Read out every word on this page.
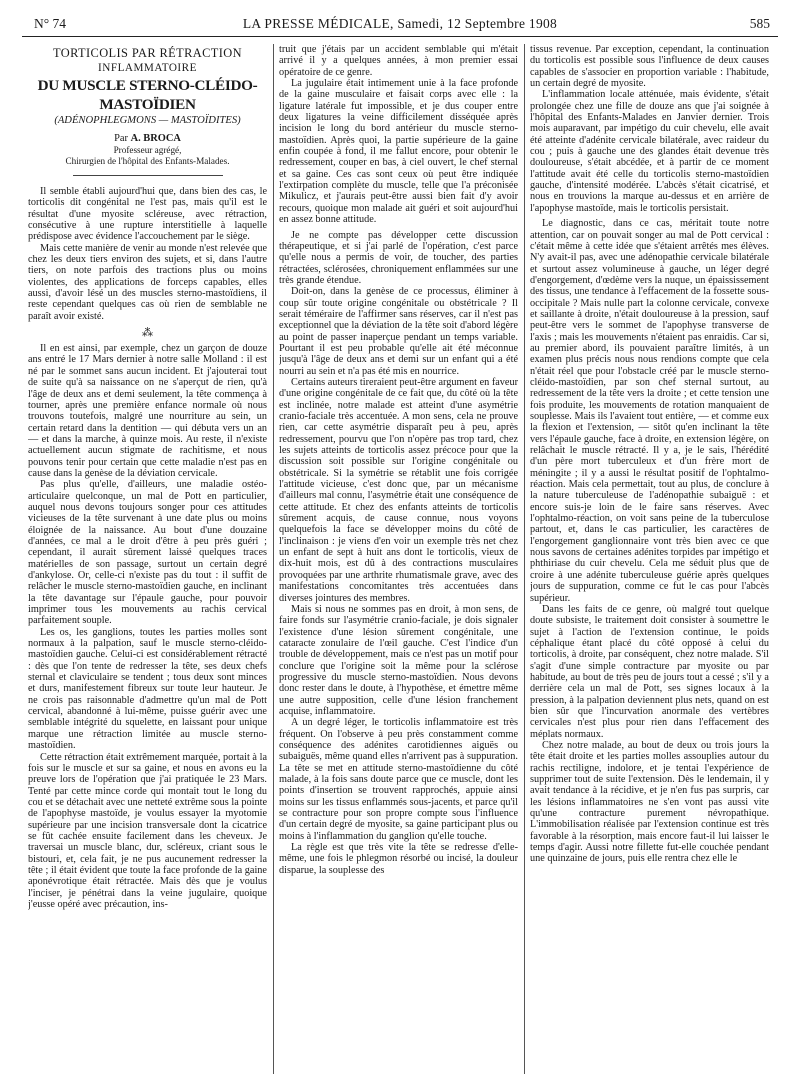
N° 74	LA PRESSE MÉDICALE, Samedi, 12 Septembre 1908	585
TORTICOLIS PAR RÉTRACTION
INFLAMMATOIRE
DU MUSCLE STERNO-CLÉIDO-MASTOÏDIEN
(ADÉNOPHLEGMONS — MASTOÏDITES)
Par A. BROCA
Professeur agrégé,
Chirurgien de l'hôpital des Enfants-Malades.

Il semble établi aujourd'hui que, dans bien des cas, le torticolis dit congénital ne l'est pas, mais qu'il est le résultat d'une myosite scléreuse, avec rétraction, consécutive à une rupture interstitielle à laquelle prédispose avec évidence l'accouchement par le siège.

Mais cette manière de venir au monde n'est relevée que chez les deux tiers environ des sujets, et si, dans l'autre tiers, on note parfois des tractions plus ou moins violentes, des applications de forceps capables, elles aussi, d'avoir lésé un des muscles sterno-mastoïdiens, il reste cependant quelques cas où rien de semblable ne paraît avoir existé.

⁂

Il en est ainsi, par exemple, chez un garçon de douze ans entré le 17 Mars dernier à notre salle Molland : il est né par le sommet sans aucun incident. Et j'ajouterai tout de suite qu'à sa naissance on ne s'aperçut de rien, qu'à l'âge de deux ans et demi seulement, la tête commença à tourner, après une première enfance normale où nous trouvons toutefois, malgré une nourriture au sein, un certain retard dans la dentition — qui débuta vers un an — et dans la marche, à quinze mois. Au reste, il n'existe actuellement aucun stigmate de rachitisme, et nous pouvons tenir pour certain que cette maladie n'est pas en cause dans la genèse de la déviation cervicale.

Pas plus qu'elle, d'ailleurs, une maladie ostéo-articulaire quelconque, un mal de Pott en particulier, auquel nous devons toujours songer pour ces attitudes vicieuses de la tête survenant à une date plus ou moins éloignée de la naissance. Au bout d'une douzaine d'années, ce mal a le droit d'être à peu près guéri ; cependant, il aurait sûrement laissé quelques traces matérielles de son passage, surtout un certain degré d'ankylose. Or, celle-ci n'existe pas du tout : il suffit de relâcher le muscle sterno-mastoïdien gauche, en inclinant la tête davantage sur l'épaule gauche, pour pouvoir imprimer tous les mouvements au rachis cervical parfaitement souple.

Les os, les ganglions, toutes les parties molles sont normaux à la palpation, sauf le muscle sterno-cléido-mastoïdien gauche. Celui-ci est considérablement rétracté : dès que l'on tente de redresser la tête, ses deux chefs sternal et claviculaire se tendent ; tous deux sont minces et durs, manifestement fibreux sur toute leur hauteur. Je ne crois pas raisonnable d'admettre qu'un mal de Pott cervical, abandonné à lui-même, puisse guérir avec une semblable intégrité du squelette, en laissant pour unique marque une rétraction limitée au muscle sterno-mastoïdien.

Cette rétraction était extrêmement marquée, portait à la fois sur le muscle et sur sa gaine, et nous en avons eu la preuve lors de l'opération que j'ai pratiquée le 23 Mars. Tenté par cette mince corde qui montait tout le long du cou et se détachait avec une netteté extrême sous la pointe de l'apophyse mastoïde, je voulus essayer la myotomie supérieure par une incision transversale dont la cicatrice se fût cachée ensuite facilement dans les cheveux. Je traversai un muscle blanc, dur, scléreux, criant sous le bistouri, et, cela fait, je ne pus aucunement redresser la tête ; il était évident que toute la face profonde de la gaine aponévrotique était rétractée. Mais dès que je voulus l'inciser, je pénétrai dans la veine jugulaire, quoique j'eusse opéré avec précaution, ins-

truit que j'étais par un accident semblable qui m'était arrivé il y a quelques années, à mon premier essai opératoire de ce genre.

La jugulaire était intimement unie à la face profonde de la gaine musculaire et faisait corps avec elle : la ligature latérale fut impossible, et je dus couper entre deux ligatures la veine difficilement disséquée après incision le long du bord antérieur du muscle sterno-mastoïdien. Après quoi, la partie supérieure de la gaine enfin coupée à fond, il me fallut encore, pour obtenir le redressement, couper en bas, à ciel ouvert, le chef sternal et sa gaine. Ces cas sont ceux où peut être indiquée l'extirpation complète du muscle, telle que l'a préconisée Mikulicz, et j'aurais peut-être aussi bien fait d'y avoir recours, quoique mon malade ait guéri et soit aujourd'hui en assez bonne attitude.

Je ne compte pas développer cette discussion thérapeutique, et si j'ai parlé de l'opération, c'est parce qu'elle nous a permis de voir, de toucher, des parties rétractées, sclérosées, chroniquement enflammées sur une très grande étendue.

Doit-on, dans la genèse de ce processus, éliminer à coup sûr toute origine congénitale ou obstétricale ? Il serait téméraire de l'affirmer sans réserves, car il n'est pas exceptionnel que la déviation de la tête soit d'abord légère au point de passer inaperçue pendant un temps variable. Pourtant il est peu probable qu'elle ait été méconnue jusqu'à l'âge de deux ans et demi sur un enfant qui a été nourri au sein et n'a pas été mis en nourrice.

Certains auteurs tireraient peut-être argument en faveur d'une origine congénitale de ce fait que, du côté où la tête est inclinée, notre malade est atteint d'une asymétrie cranio-faciale très accentuée. A mon sens, cela ne prouve rien, car cette asymétrie disparaît peu à peu, après redressement, pourvu que l'on n'opère pas trop tard, chez les sujets atteints de torticolis assez précoce pour que la discussion soit possible sur l'origine congénitale ou obstétricale. Si la symétrie se rétablit une fois corrigée l'attitude vicieuse, c'est donc que, par un mécanisme d'ailleurs mal connu, l'asymétrie était une conséquence de cette attitude. Et chez des enfants atteints de torticolis sûrement acquis, de cause connue, nous voyons quelquefois la face se développer moins du côté de l'inclinaison : je viens d'en voir un exemple très net chez un enfant de sept à huit ans dont le torticolis, vieux de dix-huit mois, est dû à des contractions musculaires provoquées par une arthrite rhumatismale grave, avec des manifestations concomitantes très accentuées dans diverses jointures des membres.

Mais si nous ne sommes pas en droit, à mon sens, de faire fonds sur l'asymétrie cranio-faciale, je dois signaler l'existence d'une lésion sûrement congénitale, une cataracte zonulaire de l'œil gauche. C'est l'indice d'un trouble de développement, mais ce n'est pas un motif pour conclure que l'origine soit la même pour la sclérose progressive du muscle sterno-mastoïdien. Nous devons donc rester dans le doute, à l'hypothèse, et émettre même une autre supposition, celle d'une lésion franchement acquise, inflammatoire.

A un degré léger, le torticolis inflammatoire est très fréquent. On l'observe à peu près constamment comme conséquence des adénites carotidiennes aiguës ou subaiguës, même quand elles n'arrivent pas à suppuration. La tête se met en attitude sterno-mastoïdienne du côté malade, à la fois sans doute parce que ce muscle, dont les points d'insertion se trouvent rapprochés, appuie ainsi moins sur les tissus enflammés sous-jacents, et parce qu'il se contracture pour son propre compte sous l'influence d'un certain degré de myosite, sa gaine participant plus ou moins à l'inflammation du ganglion qu'elle touche.

La règle est que très vite la tête se redresse d'elle-même, une fois le phlegmon résorbé ou incisé, la douleur disparue, la souplesse des

tissus revenue. Par exception, cependant, la continuation du torticolis est possible sous l'influence de deux causes capables de s'associer en proportion variable : l'habitude, un certain degré de myosite.

L'inflammation locale atténuée, mais évidente, s'était prolongée chez une fille de douze ans que j'ai soignée à l'hôpital des Enfants-Malades en Janvier dernier. Trois mois auparavant, par impétigo du cuir chevelu, elle avait été atteinte d'adénite cervicale bilatérale, avec raideur du cou ; puis à gauche une des glandes était devenue très douloureuse, s'était abcédée, et à partir de ce moment l'attitude avait été celle du torticolis sterno-mastoïdien gauche, d'intensité modérée. L'abcès s'était cicatrisé, et nous en trouvions la marque au-dessus et en arrière de l'apophyse mastoïde, mais le torticolis persistait.

Le diagnostic, dans ce cas, méritait toute notre attention, car on pouvait songer au mal de Pott cervical : c'était même à cette idée que s'étaient arrêtés mes élèves. N'y avait-il pas, avec une adénopathie cervicale bilatérale et surtout assez volumineuse à gauche, un léger degré d'engorgement, d'œdème vers la nuque, un épaississement des tissus, une tendance à l'effacement de la fossette sous-occipitale ? Mais nulle part la colonne cervicale, convexe et saillante à droite, n'était douloureuse à la pression, sauf peut-être vers le sommet de l'apophyse transverse de l'axis ; mais les mouvements n'étaient pas enraidis. Car si, au premier abord, ils pouvaient paraître limités, à un examen plus précis nous nous rendions compte que cela n'était réel que pour l'obstacle créé par le muscle sterno-cléido-mastoïdien, par son chef sternal surtout, au redressement de la tête vers la droite ; et cette tension une fois produite, les mouvements de rotation manquaient de souplesse. Mais ils l'avaient tout entière, — et comme eux la flexion et l'extension, — sitôt qu'en inclinant la tête vers l'épaule gauche, face à droite, en extension légère, on relâchait le muscle rétracté. Il y a, je le sais, l'hérédité d'un père mort tuberculeux et d'un frère mort de méningite ; il y a aussi le résultat positif de l'ophtalmo-réaction. Mais cela permettait, tout au plus, de conclure à la nature tuberculeuse de l'adénopathie subaiguë : et encore suis-je loin de le faire sans réserves. Avec l'ophtalmo-réaction, on voit sans peine de la tuberculose partout, et, dans le cas particulier, les caractères de l'engorgement ganglionnaire vont très bien avec ce que nous savons de certaines adénites torpides par impétigo et phthiriase du cuir chevelu. Cela me séduit plus que de croire à une adénite tuberculeuse guérie après quelques jours de suppuration, comme ce fut le cas pour l'abcès supérieur.

Dans les faits de ce genre, où malgré tout quelque doute subsiste, le traitement doit consister à soumettre le sujet à l'action de l'extension continue, le poids céphalique étant placé du côté opposé à celui du torticolis, à droite, par conséquent, chez notre malade. S'il s'agit d'une simple contracture par myosite ou par habitude, au bout de très peu de jours tout a cessé ; s'il y a derrière cela un mal de Pott, ses signes locaux à la pression, à la palpation deviennent plus nets, quand on est bien sûr que l'incurvation anormale des vertèbres cervicales n'est plus pour rien dans l'effacement des méplats normaux.

Chez notre malade, au bout de deux ou trois jours la tête était droite et les parties molles assouplies autour du rachis rectiligne, indolore, et je tentai l'expérience de supprimer tout de suite l'extension. Dès le lendemain, il y avait tendance à la récidive, et je n'en fus pas surpris, car les lésions inflammatoires ne s'en vont pas aussi vite qu'une contracture purement névropathique. L'immobilisation réalisée par l'extension continue est très favorable à la résorption, mais encore faut-il lui laisser le temps d'agir. Aussi notre fillette fut-elle couchée pendant une quinzaine de jours, puis elle rentra chez elle le
